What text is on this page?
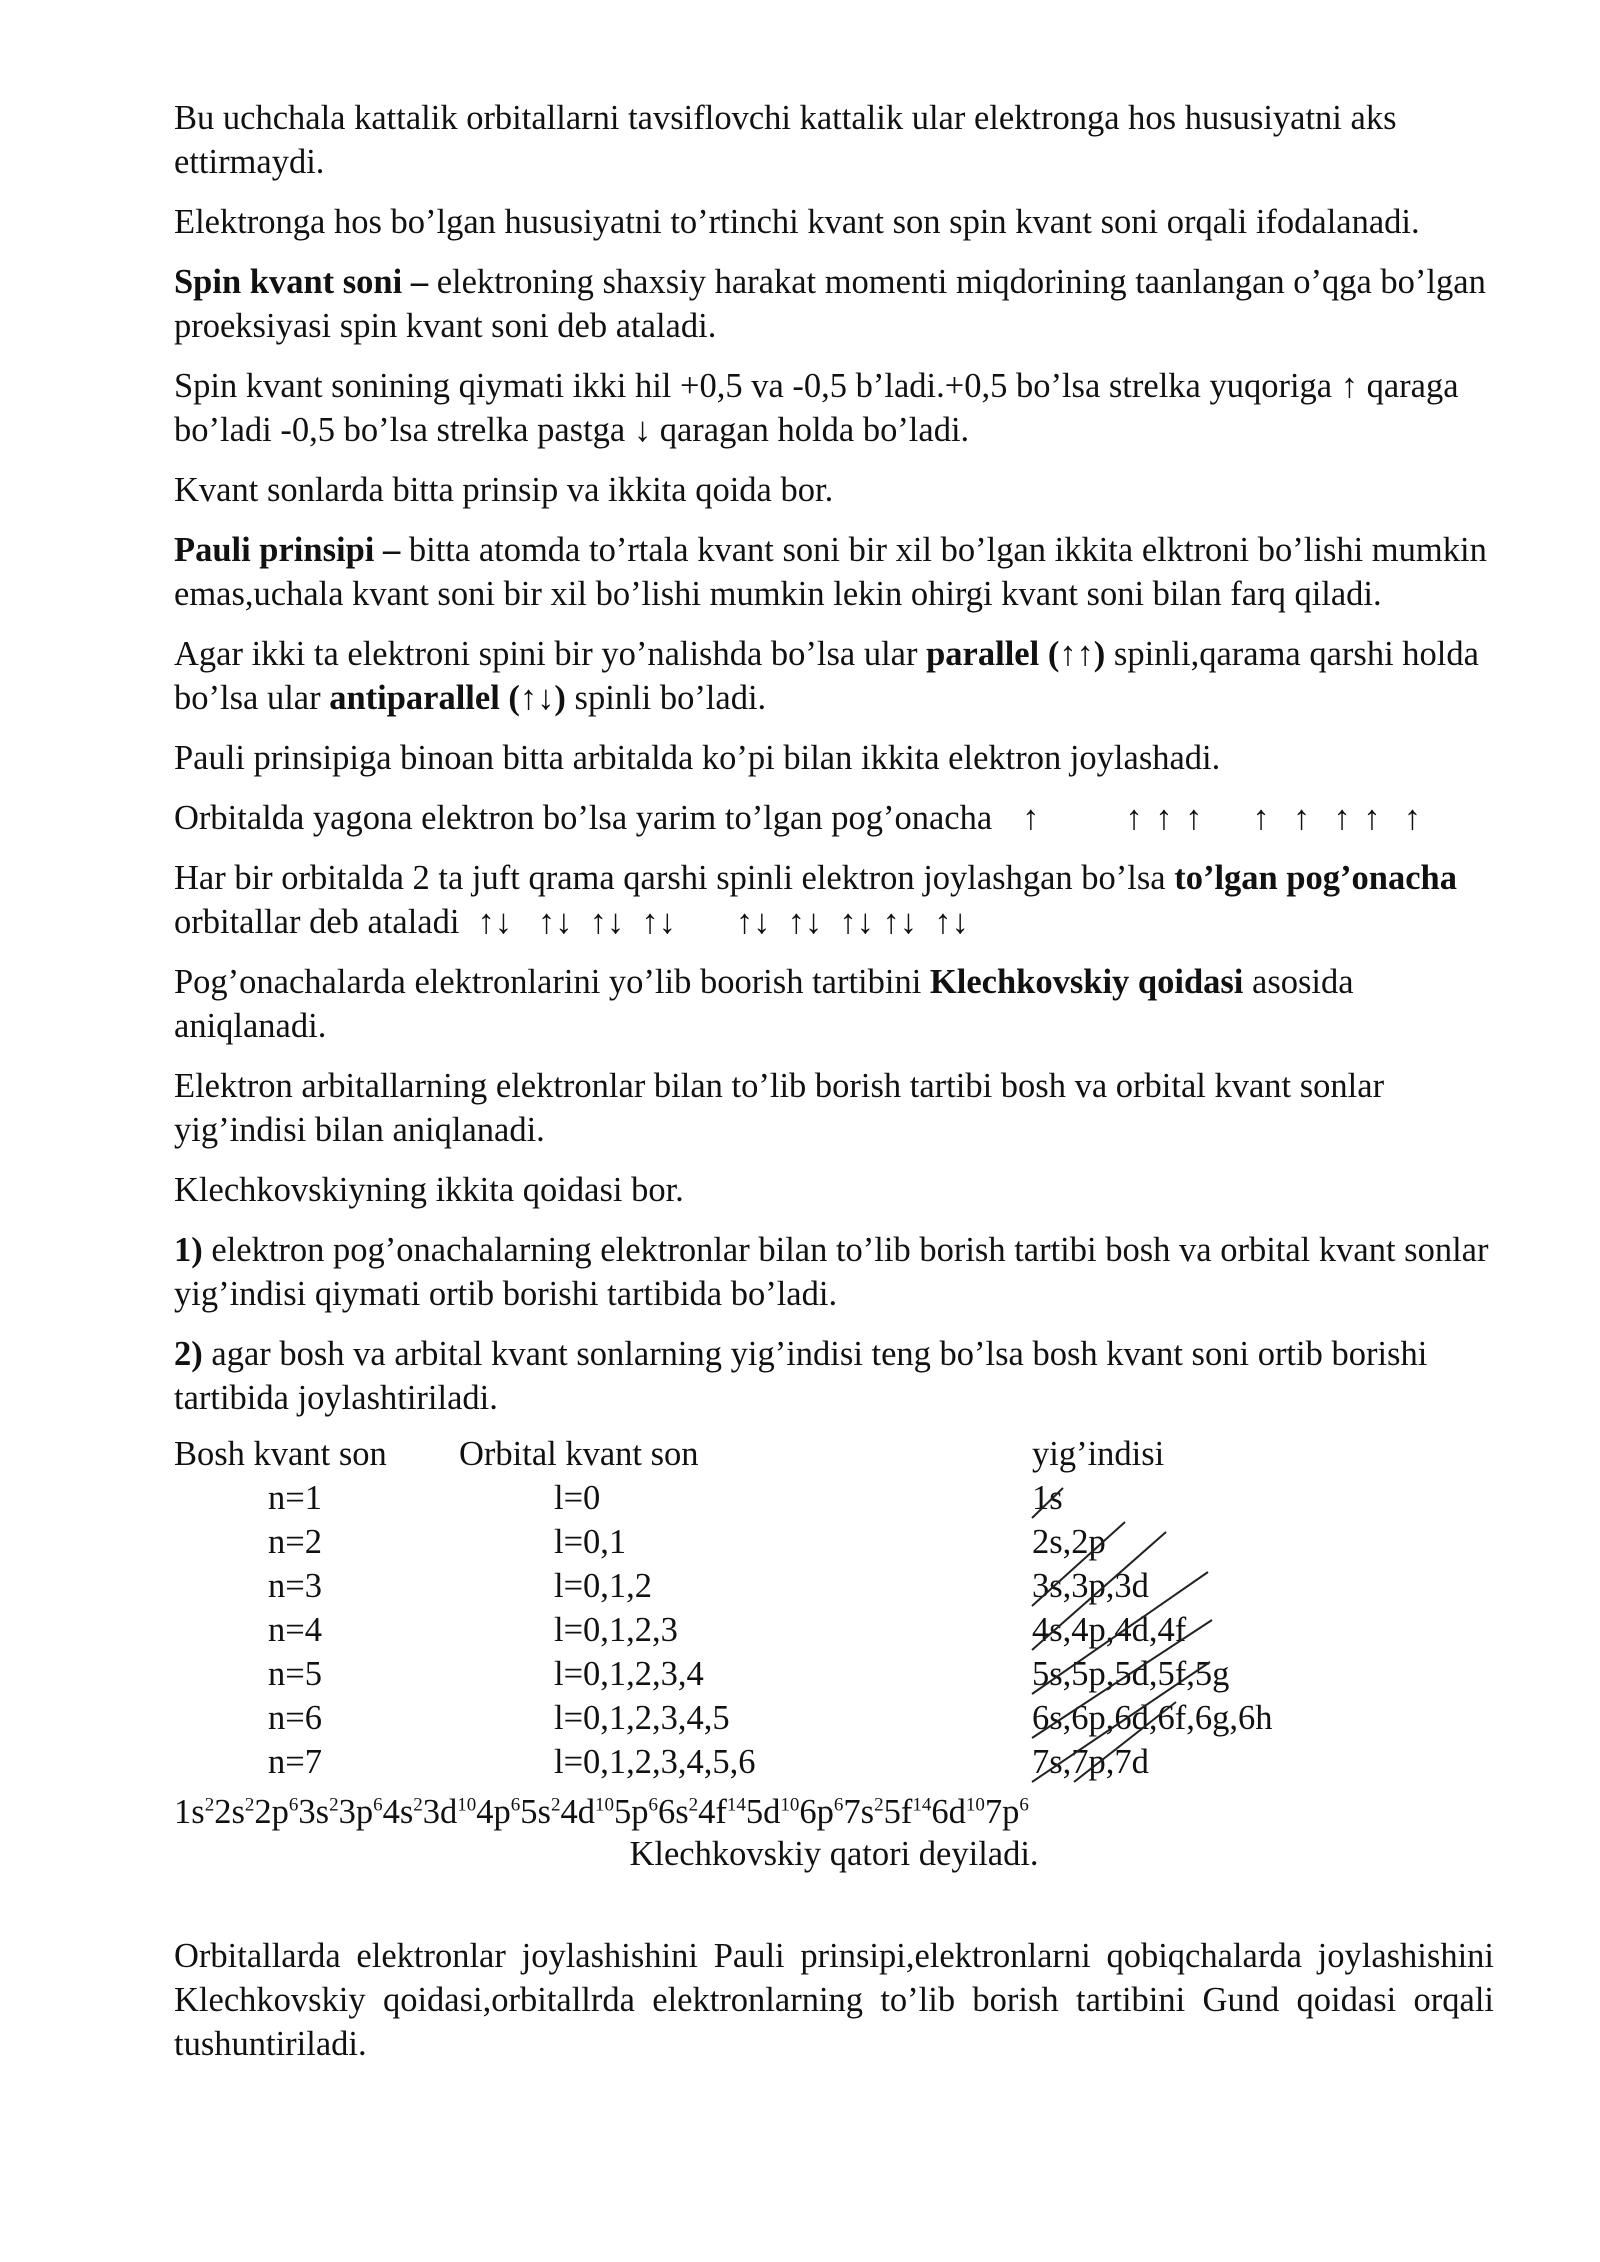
Bu uchchala kattalik orbitallarni tavsiflovchi kattalik ular elektronga hos hususiyatni aks ettirmaydi.

Elektronga hos bo’lgan hususiyatni to’rtinchi kvant son spin kvant soni orqali ifodalanadi.

Spin kvant soni – elektroning shaxsiy harakat momenti miqdorining taanlangan o’qga bo’lgan proeksiyasi spin kvant soni deb ataladi.

Spin kvant sonining qiymati ikki hil +0,5 va -0,5 b’ladi.+0,5 bo’lsa strelka yuqoriga ↑ qaraga bo’ladi -0,5 bo’lsa strelka pastga ↓ qaragan holda bo’ladi.

Kvant sonlarda bitta prinsip va ikkita qoida bor.

Pauli prinsipi – bitta atomda to’rtala kvant soni bir xil bo’lgan ikkita elktroni bo’lishi mumkin emas,uchala kvant soni bir xil bo’lishi mumkin lekin ohirgi kvant soni bilan farq qiladi.

Agar ikki ta elektroni spini bir yo’nalishda bo’lsa ular parallel (↑↑) spinli,qarama qarshi holda bo’lsa ular antiparallel (↑↓) spinli bo’ladi.

Pauli prinsipiga binoan bitta arbitalda ko’pi bilan ikkita elektron joylashadi.

Orbitalda yagona elektron bo’lsa yarim to’lgan pog’onacha ↑ ↑ ↑ ↑ ↑  ↑  ↑ ↑  ↑

Har bir orbitalda 2 ta juft qrama qarshi spinli elektron joylashgan bo’lsa to’lgan pog’onacha orbitallar deb ataladi ↑↓   ↑↓  ↑↓  ↑↓ ↑↓  ↑↓  ↑↓ ↑↓  ↑↓

Pog’onachalarda elektronlarini yo’lib boorish tartibini Klechkovskiy qoidasi asosida aniqlanadi.

Elektron arbitallarning elektronlar bilan to’lib borish tartibi bosh va orbital kvant sonlar yig’indisi bilan aniqlanadi.

Klechkovskiyning ikkita qoidasi bor.

1) elektron pog’onachalarning elektronlar bilan to’lib borish tartibi bosh va orbital kvant sonlar yig’indisi qiymati ortib borishi tartibida bo’ladi.

2) agar bosh va arbital kvant sonlarning yig’indisi teng bo’lsa bosh kvant soni ortib borishi tartibida joylashtiriladi.

Bosh kvant son Orbital kvant son	yig’indisi
n=1	l=0	1s
n=2	l=0,1	2s,2p
n=3	l=0,1,2	3s,3p,3d
n=4	l=0,1,2,3	4s,4p,4d,4f
n=5	l=0,1,2,3,4	5s,5p,5d,5f,5g
n=6	l=0,1,2,3,4,5	6s,6p,6d,6f,6g,6h
n=7	l=0,1,2,3,4,5,6	7s,7p,7d
$1s^22s^22p^63s^23p^64s^23d^{10}4p^65s^24d^{10}5p^66s^24f^{14}5d^{10}6p^67s^25f^{14}6d^{10}7p^6$
Klechkovskiy qatori deyiladi.

Orbitallarda elektronlar joylashishini Pauli prinsipi,elektronlarni qobiqchalarda joylashishini Klechkovskiy qoidasi,orbitallrda elektronlarning to’lib borish tartibini Gund qoidasi orqali tushuntiriladi.
